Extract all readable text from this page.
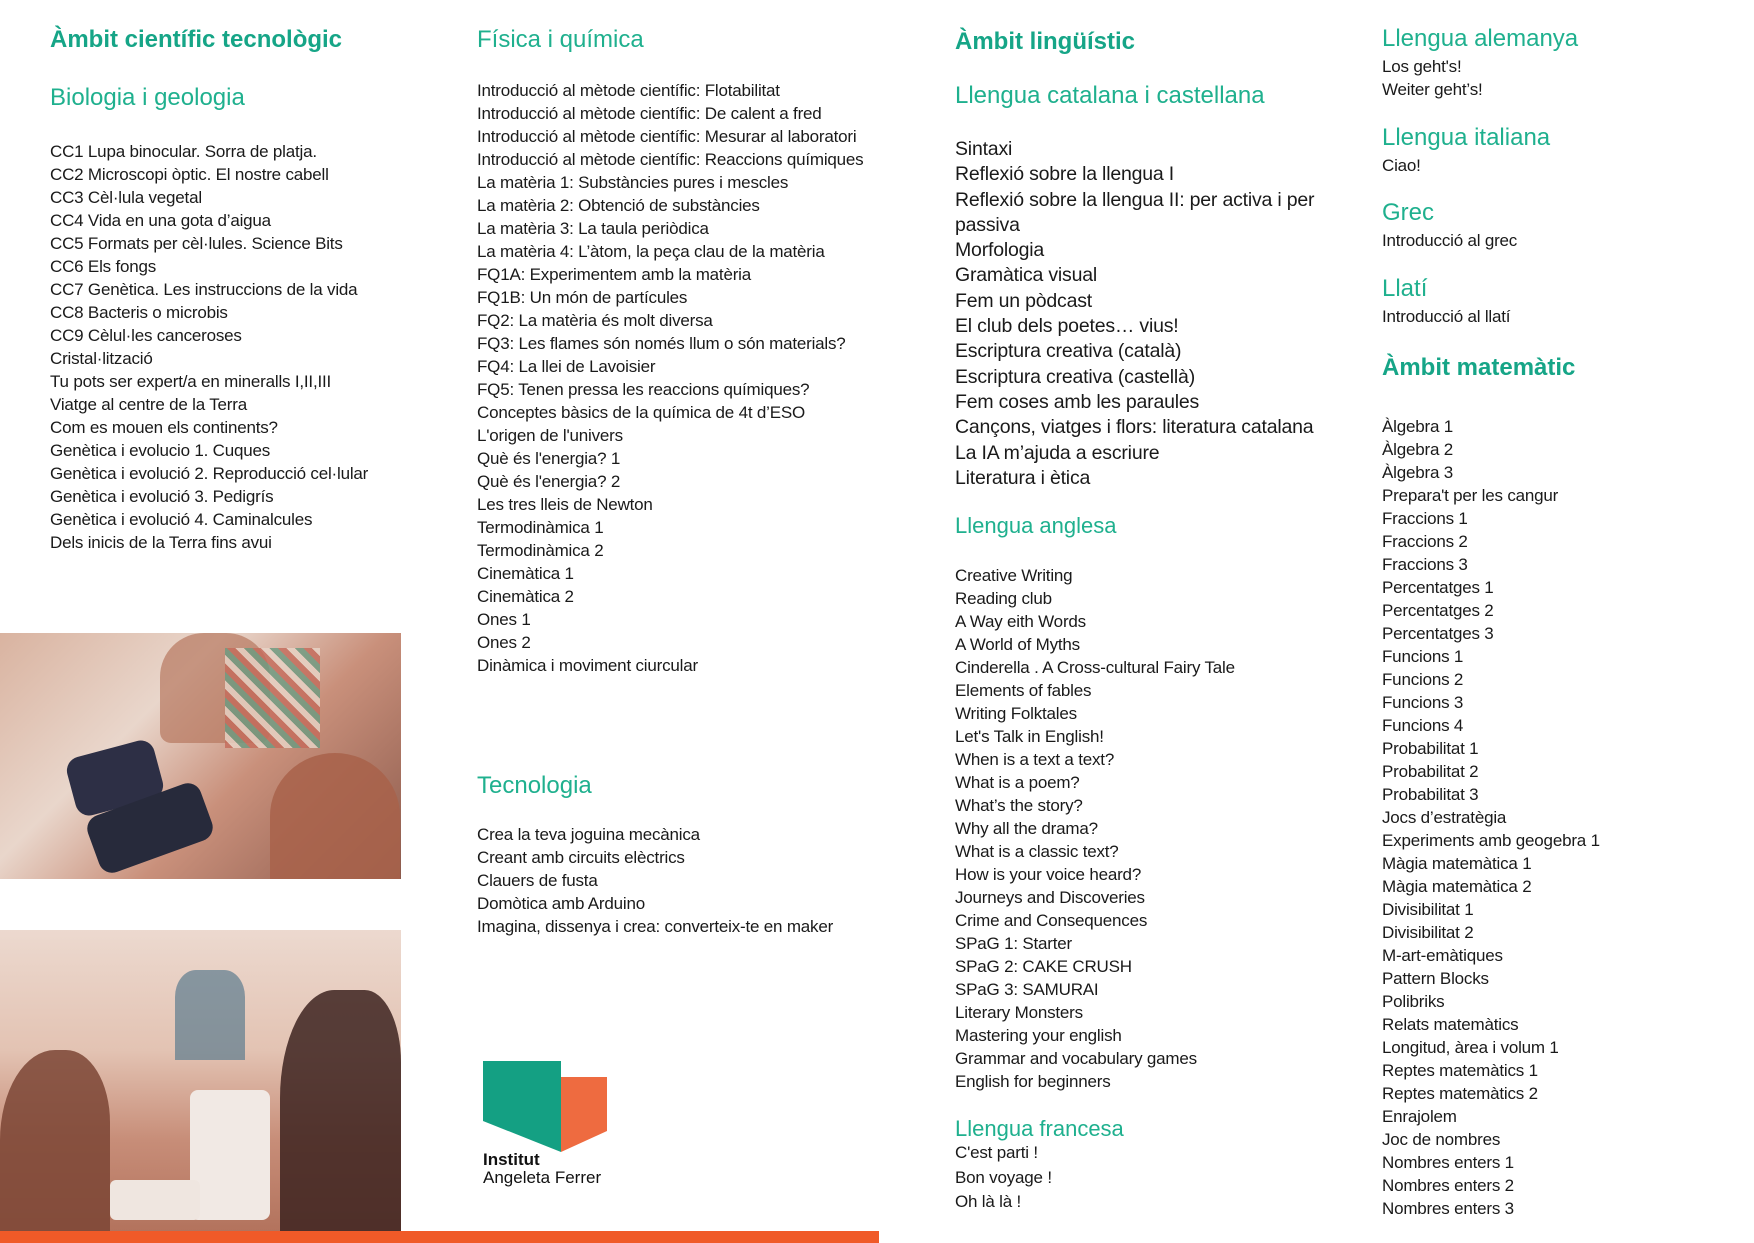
Àmbit científic tecnològic
Biologia i geologia
CC1 Lupa binocular. Sorra de platja.
CC2 Microscopi òptic. El nostre cabell
CC3 Cèl·lula vegetal
CC4 Vida en una gota d’aigua
CC5 Formats per cèl·lules. Science Bits
CC6 Els fongs
CC7 Genètica. Les instruccions de la vida
CC8 Bacteris o microbis
CC9 Cèlul·les canceroses
Cristal·lització
Tu pots ser expert/a en mineralls I,II,III
Viatge al centre de la Terra
Com es mouen els continents?
Genètica i evolucio 1. Cuques
Genètica i evolució 2. Reproducció cel·lular
Genètica i evolució 3. Pedigrís
Genètica i evolució 4. Caminalcules
Dels inicis de la Terra fins avui
Física i química
Introducció al mètode científic: Flotabilitat
Introducció al mètode científic: De calent a fred
Introducció al mètode científic: Mesurar al laboratori
Introducció al mètode científic: Reaccions químiques
La matèria 1: Substàncies pures i mescles
La matèria 2: Obtenció de substàncies
La matèria 3: La taula periòdica
La matèria 4: L’àtom, la peça clau de la matèria
FQ1A: Experimentem amb la matèria
FQ1B: Un món de partícules
FQ2: La matèria és molt diversa
FQ3: Les flames són només llum o són materials?
FQ4: La llei de Lavoisier
FQ5: Tenen pressa les reaccions químiques?
Conceptes bàsics de la química de 4t d’ESO
L'origen de l'univers
Què és l'energia? 1
Què és l'energia? 2
Les tres lleis de Newton
Termodinàmica 1
Termodinàmica 2
Cinemàtica 1
Cinemàtica 2
Ones 1
Ones 2
Dinàmica i moviment ciurcular
Tecnologia
Crea la teva joguina mecànica
Creant amb circuits elèctrics
Clauers de fusta
Domòtica amb Arduino
Imagina, dissenya i crea: converteix-te en maker
Institut
Angeleta Ferrer
Àmbit lingüístic
Llengua catalana i castellana
Sintaxi
Reflexió sobre la llengua I
Reflexió sobre la llengua II: per activa i per passiva
Morfologia
Gramàtica visual
Fem un pòdcast
El club dels poetes… vius!
Escriptura creativa (català)
Escriptura creativa (castellà)
Fem coses amb les paraules
Cançons, viatges i flors: literatura catalana
La IA m’ajuda a escriure
Literatura i ètica
Llengua anglesa
Creative Writing
Reading club
A Way eith Words
A World of Myths
Cinderella . A Cross-cultural Fairy Tale
Elements of fables
Writing Folktales
Let's Talk in English!
When is a text a text?
What is a poem?
What’s the story?
Why all the drama?
What is a classic text?
How is your voice heard?
Journeys and Discoveries
Crime and Consequences
SPaG 1: Starter
SPaG 2: CAKE CRUSH
SPaG 3: SAMURAI
Literary Monsters
Mastering your english
Grammar and vocabulary games
English for beginners
Llengua francesa
C'est parti !
Bon voyage !
Oh là là !
Llengua alemanya
Los geht's!
Weiter geht’s!
Llengua italiana
Ciao!
Grec
Introducció al grec
Llatí
Introducció al llatí
Àmbit matemàtic
Àlgebra 1
Àlgebra 2
Àlgebra 3
Prepara't per les cangur
Fraccions 1
Fraccions 2
Fraccions 3
Percentatges 1
Percentatges 2
Percentatges 3
Funcions 1
Funcions 2
Funcions 3
Funcions 4
Probabilitat 1
Probabilitat 2
Probabilitat 3
Jocs d’estratègia
Experiments amb geogebra 1
Màgia matemàtica 1
Màgia matemàtica 2
Divisibilitat 1
Divisibilitat 2
M-art-emàtiques
Pattern Blocks
Polibriks
Relats matemàtics
Longitud, àrea i volum 1
Reptes matemàtics 1
Reptes matemàtics 2
Enrajolem
Joc de nombres
Nombres enters 1
Nombres enters 2
Nombres enters 3
